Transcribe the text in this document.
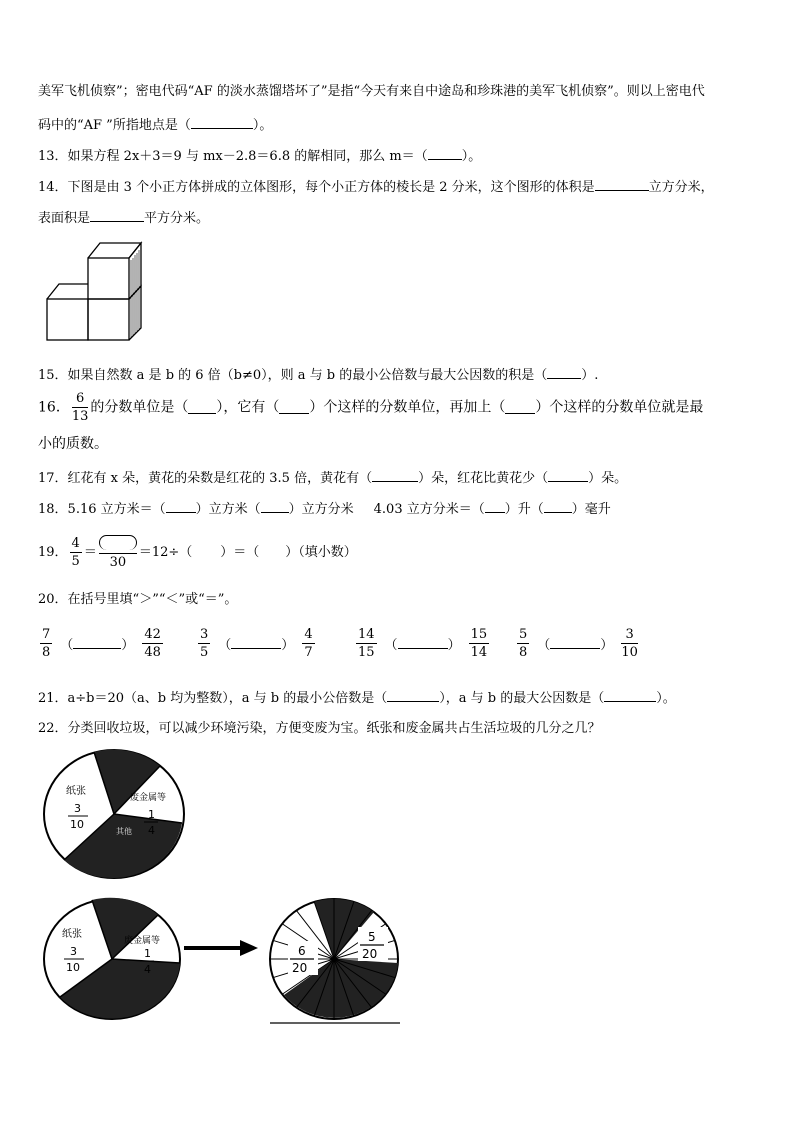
美军飞机侦察”；密电代码“AF 的淡水蒸馏塔坏了”是指“今天有来自中途岛和珍珠港的美军飞机侦察”。则以上密电代
码中的“AF ”所指地点是（	）。
13．如果方程 2x＋3＝9 与 mx－2.8＝6.8 的解相同，那么 m＝（	）。
14．下图是由 3 个小正方体拼成的立体图形，每个小正方体的棱长是 2 分米，这个图形的体积是	立方分米，
表面积是	平方分米。
15．如果自然数 a 是 b 的 6 倍（b≠0），则 a 与 b 的最小公倍数与最大公因数的积是（	）.
16． $\frac{6}{13}$ 的分数单位是（ ），它有（ ）个这样的分数单位，再加上（ ）个这样的分数单位就是最
小的质数。
17．红花有 x 朵，黄花的朵数是红花的 3.5 倍，黄花有（	）朵，红花比黄花少（	）朵。
18．5.16 立方米＝（ ）立方米（ ）立方分米 4.03 立方分米＝（ ）升（ ）毫升
19． $\frac{4}{5}$ ＝
30
＝12÷（ ）＝（ ）（填小数）
20．在括号里填“＞”“＜”或“＝”。
$\frac{7}{8}$ （	） $\frac{42}{48}$	$\frac{3}{5}$ （	） $\frac{4}{7}$	$\frac{14}{15}$ （	） $\frac{15}{14} \frac{5}{8}$ （	） $\frac{3}{10}$
21．a÷b＝20（a、b 均为整数），a 与 b 的最小公倍数是（	），a 与 b 的最大公因数是（	）。
22．分类回收垃圾，可以减少环境污染，方便变废为宝。纸张和废金属共占生活垃圾的几分之几？
纸张
3
10
废金属等
1
4
其他
纸张
3
10
废金属等
1
4
6
20
5
20
